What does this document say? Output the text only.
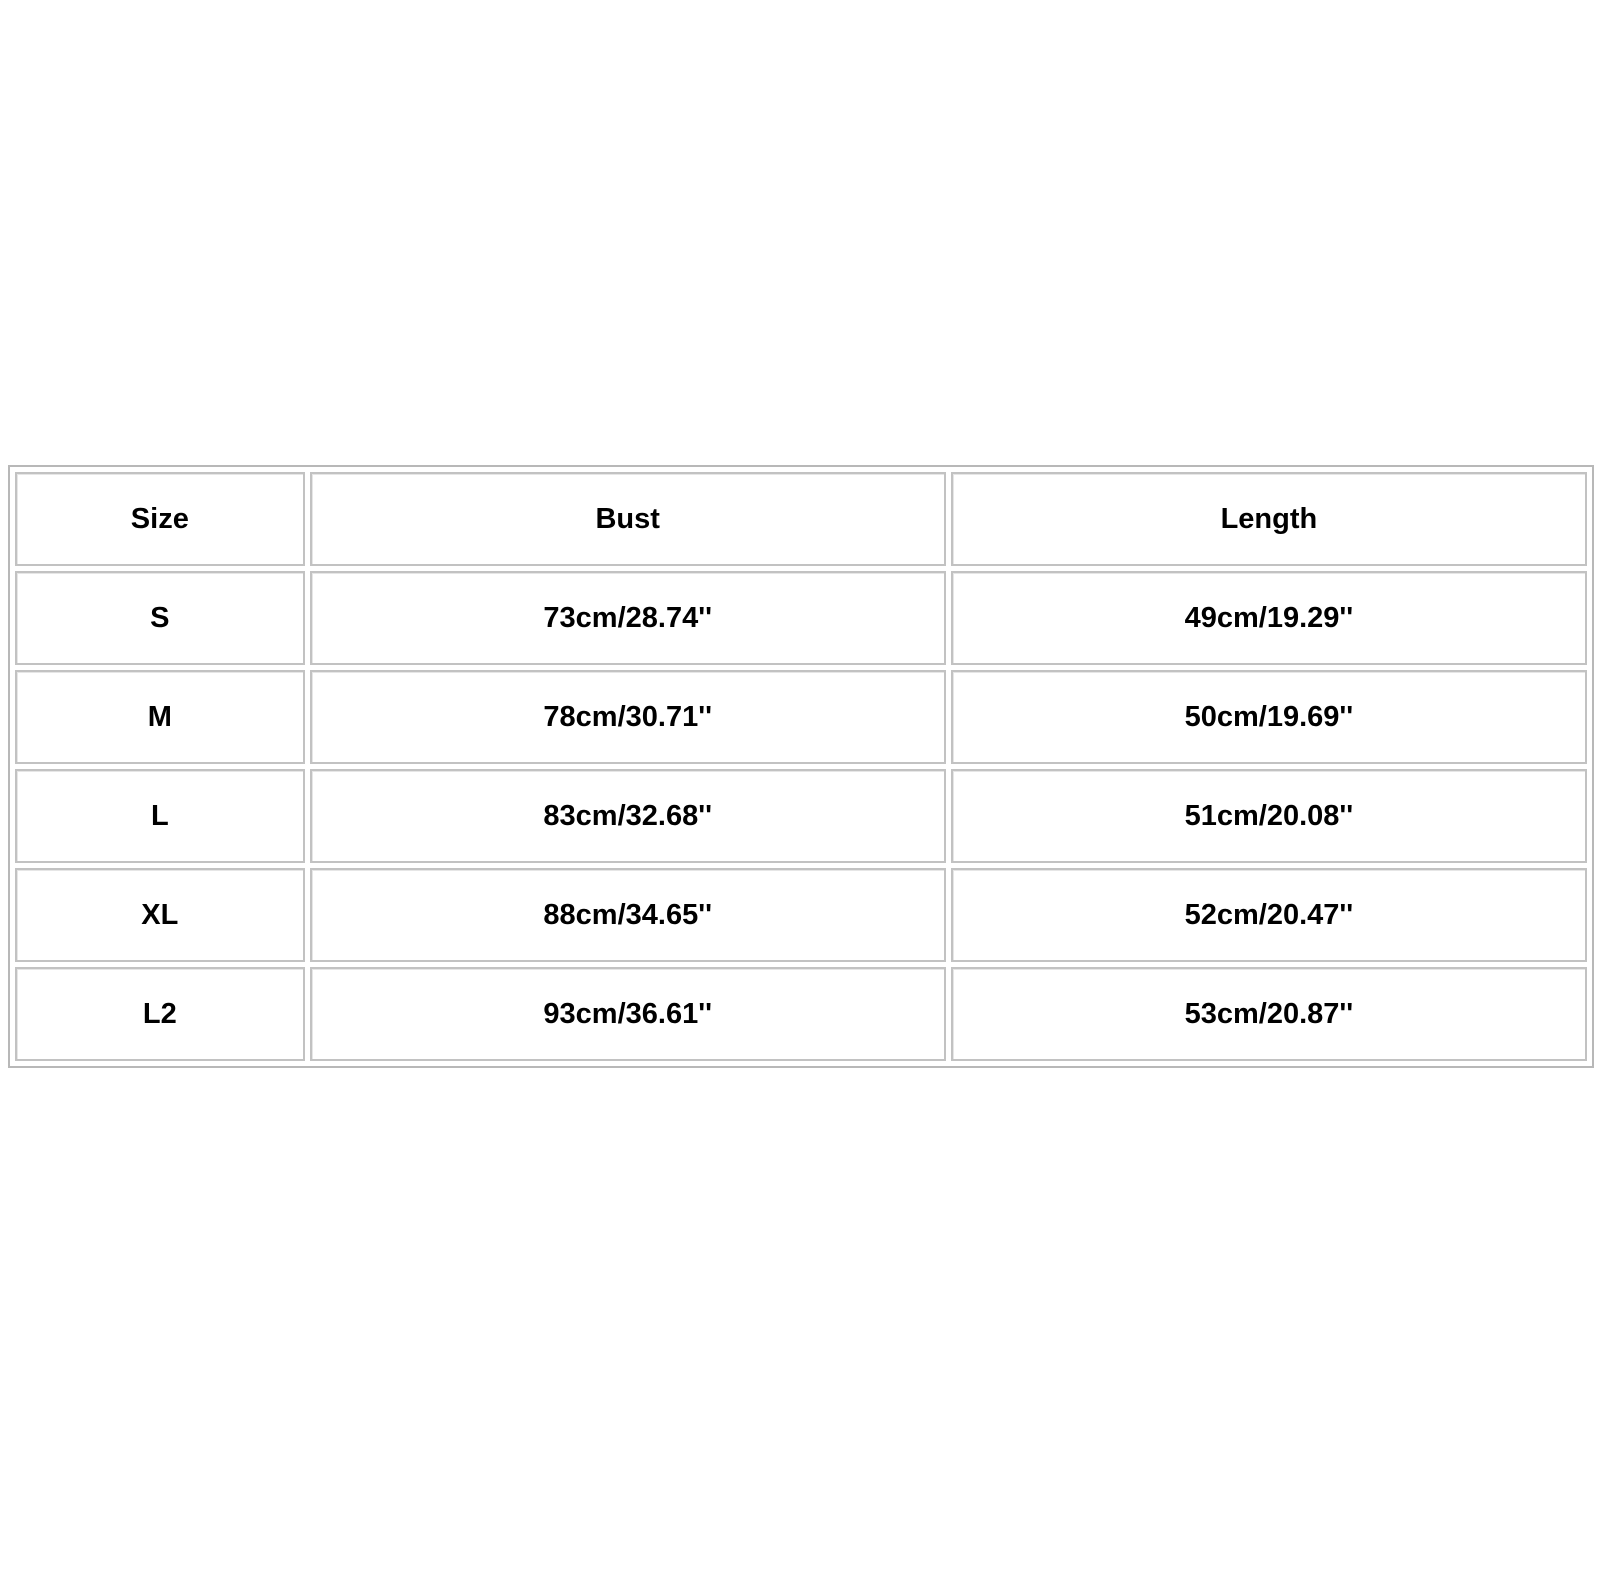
Size	Bust	Length
S	73cm/28.74''	49cm/19.29''
M	78cm/30.71''	50cm/19.69''
L	83cm/32.68''	51cm/20.08''
XL	88cm/34.65''	52cm/20.47''
L2	93cm/36.61''	53cm/20.87''
